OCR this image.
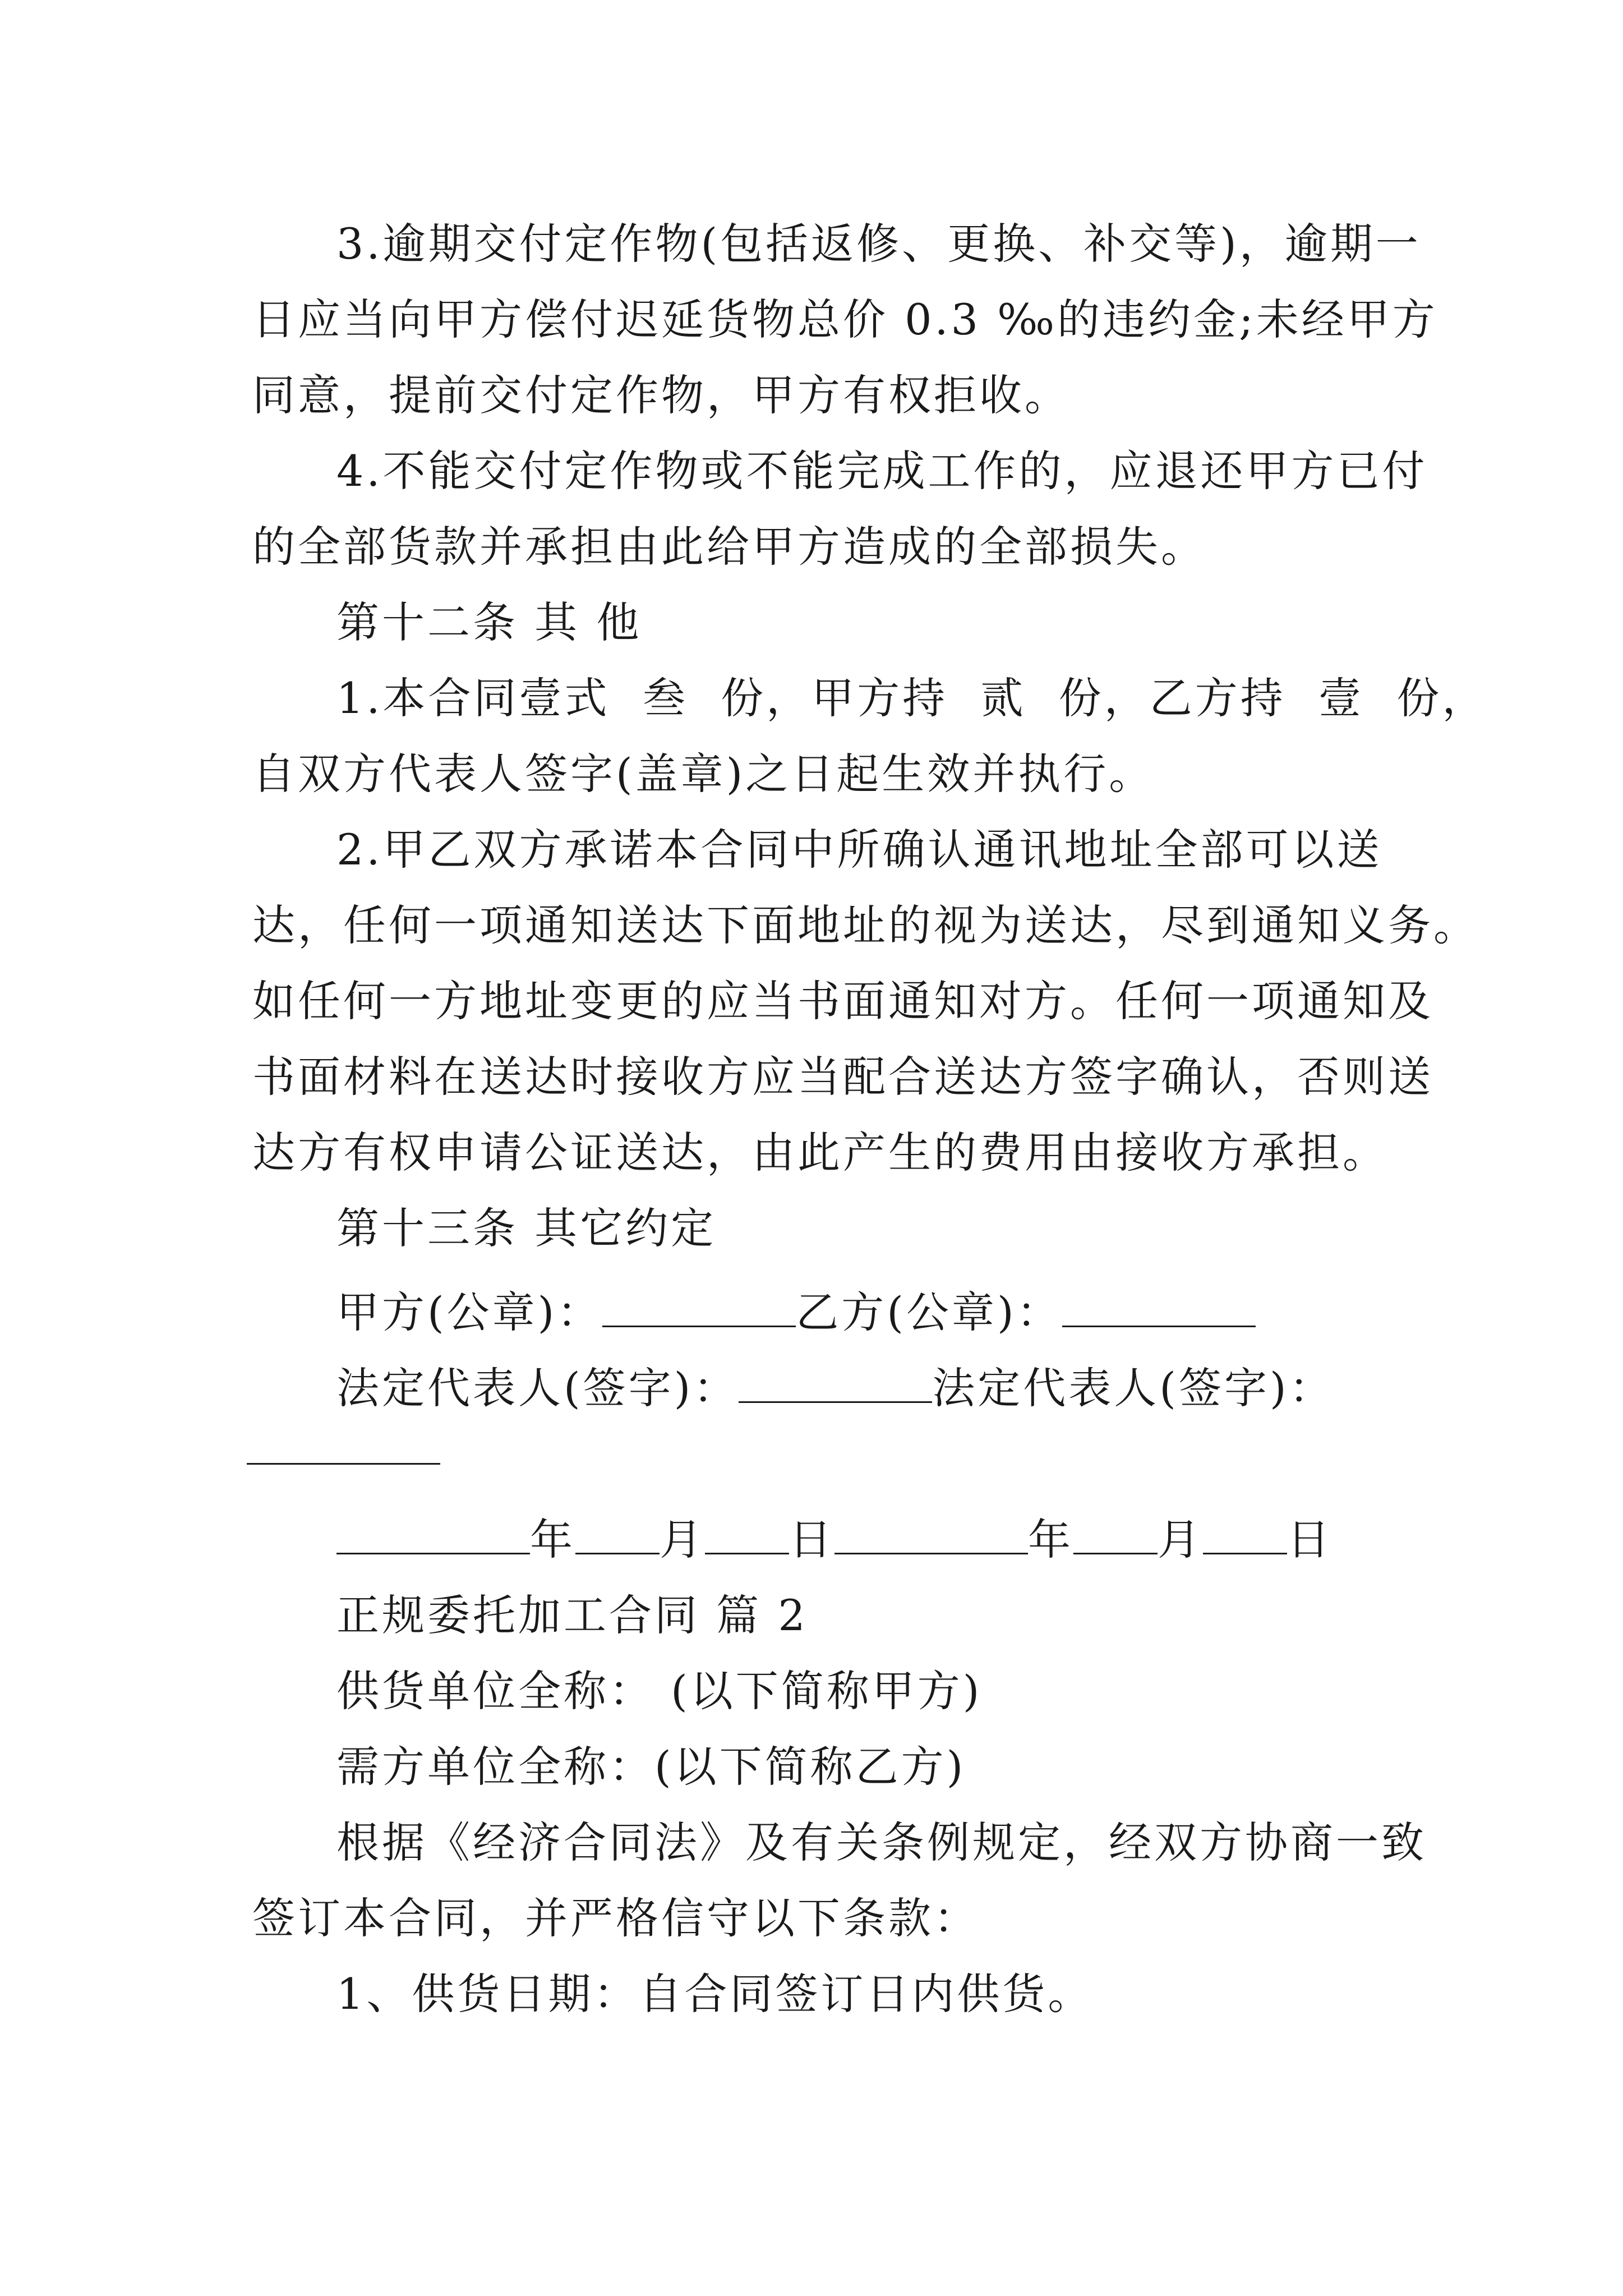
3.逾期交付定作物(包括返修、更换、补交等)，逾期一
日应当向甲方偿付迟延货物总价 0.3 ‰的违约金;未经甲方
同意，提前交付定作物，甲方有权拒收。
4.不能交付定作物或不能完成工作的，应退还甲方已付
的全部货款并承担由此给甲方造成的全部损失。
第十二条 其 他
1.本合同壹式  叁  份，甲方持  贰  份，乙方持  壹  份，
自双方代表人签字(盖章)之日起生效并执行。
2.甲乙双方承诺本合同中所确认通讯地址全部可以送
达，任何一项通知送达下面地址的视为送达，尽到通知义务。
如任何一方地址变更的应当书面通知对方。任何一项通知及
书面材料在送达时接收方应当配合送达方签字确认，否则送
达方有权申请公证送达，由此产生的费用由接收方承担。
第十三条 其它约定
甲方(公章)：	乙方(公章)：
法定代表人(签字)：	法定代表人(签字)：
年 月 日	年 月 日
正规委托加工合同 篇 2
供货单位全称： (以下简称甲方)
需方单位全称：(以下简称乙方)
根据《经济合同法》及有关条例规定，经双方协商一致
签订本合同，并严格信守以下条款：
1、供货日期：自合同签订日内供货。
